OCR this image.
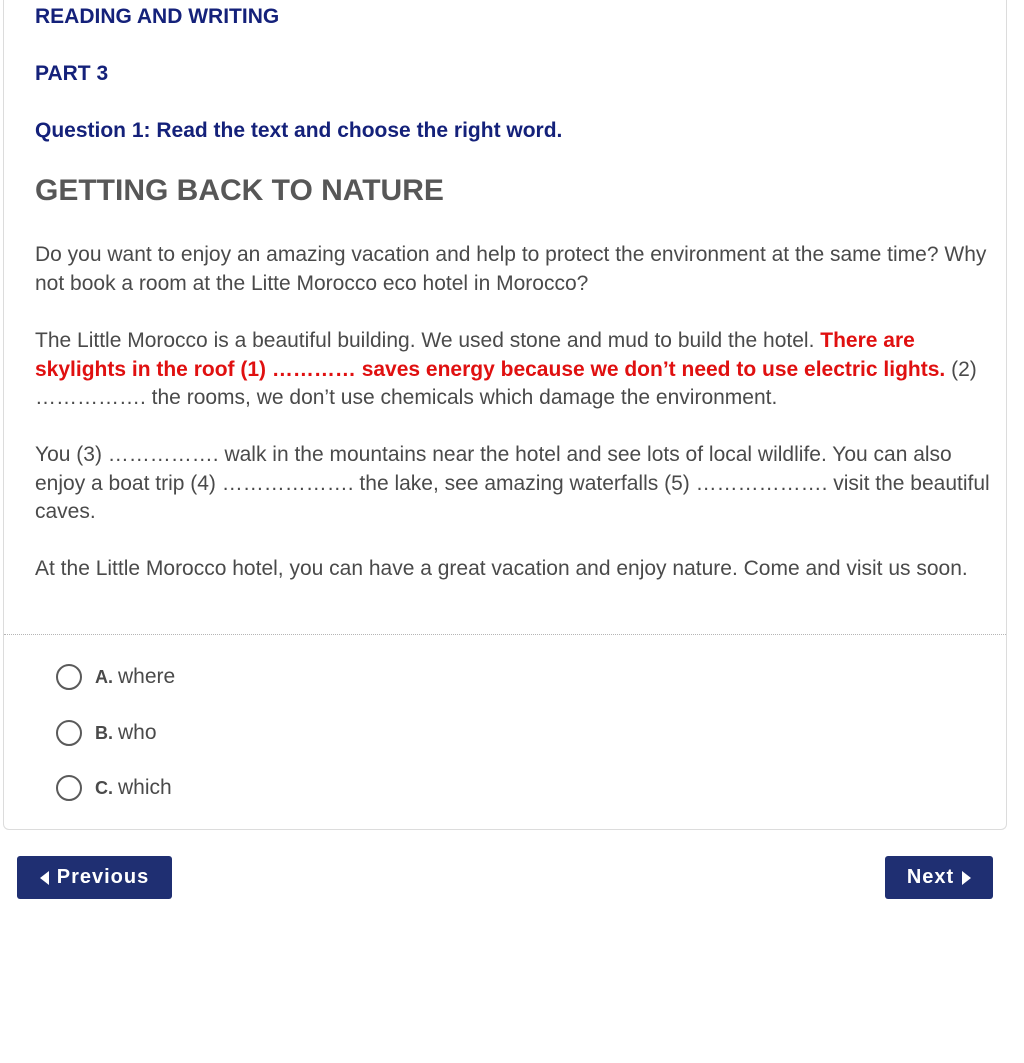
READING AND WRITING
PART 3
Question 1: Read the text and choose the right word.
GETTING BACK TO NATURE

Do you want to enjoy an amazing vacation and help to protect the environment at the same time? Why not book a room at the Litte Morocco eco hotel in Morocco?

The Little Morocco is a beautiful building. We used stone and mud to build the hotel. There are skylights in the roof (1) ………… saves energy because we don’t need to use electric lights. (2) ……………. the rooms, we don’t use chemicals which damage the environment.

You (3) ……………. walk in the mountains near the hotel and see lots of local wildlife. You can also enjoy a boat trip (4) ………………. the lake, see amazing waterfalls (5) ………………. visit the beautiful caves.

At the Little Morocco hotel, you can have a great vacation and enjoy nature. Come and visit us soon.

A. where
B. who
C. which
Previous	Next
